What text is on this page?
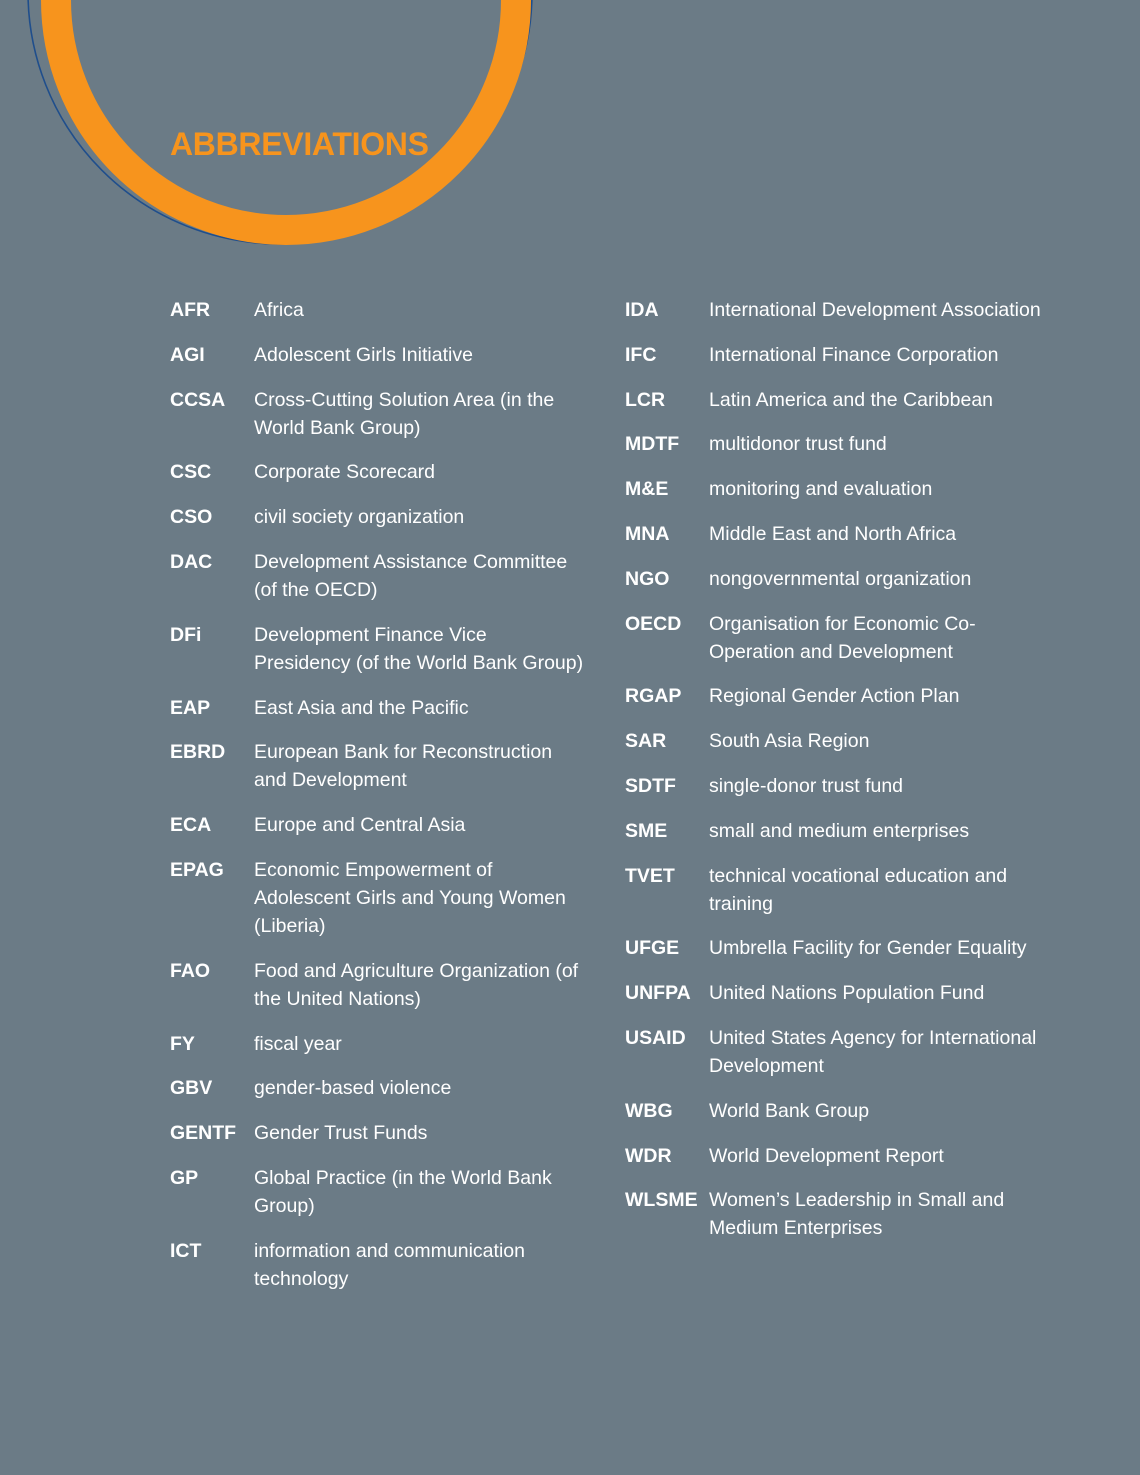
ABBREVIATIONS
AFR	Africa
AGI	Adolescent Girls Initiative
CCSA	Cross-Cutting Solution Area (in the World Bank Group)
CSC	Corporate Scorecard
CSO	civil society organization
DAC	Development Assistance Committee (of the OECD)
DFi	Development Finance Vice Presidency (of the World Bank Group)
EAP	East Asia and the Pacific
EBRD	European Bank for Reconstruction and Development
ECA	Europe and Central Asia
EPAG	Economic Empowerment of Adolescent Girls and Young Women (Liberia)
FAO	Food and Agriculture Organization (of the United Nations)
FY	fiscal year
GBV	gender-based violence
GENTF Gender Trust Funds
GP	Global Practice (in the World Bank Group)
ICT	information and communication technology
IDA	International Development Association
IFC	International Finance Corporation
LCR	Latin America and the Caribbean
MDTF	multidonor trust fund
M&E	monitoring and evaluation
MNA	Middle East and North Africa
NGO	nongovernmental organization
OECD	Organisation for Economic Co-Operation and Development
RGAP	Regional Gender Action Plan
SAR	South Asia Region
SDTF	single-donor trust fund
SME	small and medium enterprises
TVET	technical vocational education and training
UFGE	Umbrella Facility for Gender Equality
UNFPA United Nations Population Fund
USAID	United States Agency for International Development
WBG	World Bank Group
WDR	World Development Report
WLSME Women’s Leadership in Small and Medium Enterprises
